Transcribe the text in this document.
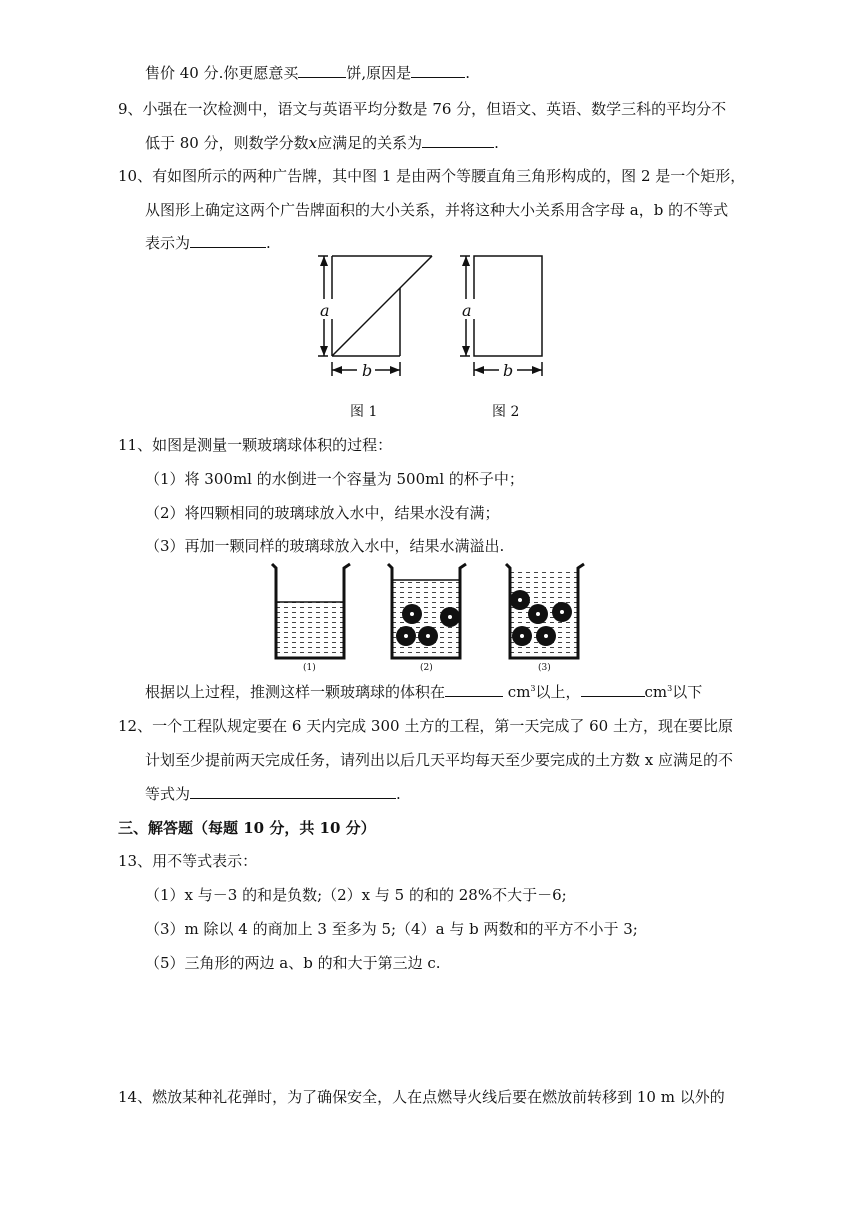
售价 40 分.你更愿意买	饼,原因是	.
9、小强在一次检测中，语文与英语平均分数是 76 分，但语文、英语、数学三科的平均分不
低于 80 分，则数学分数x应满足的关系为	.
10、有如图所示的两种广告牌，其中图 1 是由两个等腰直角三角形构成的，图 2 是一个矩形，
从图形上确定这两个广告牌面积的大小关系，并将这种大小关系用含字母 a，b 的不等式
表示为	.
a
b
a
b
图 1	图 2
11、如图是测量一颗玻璃球体积的过程：
（1）将 300ml 的水倒进一个容量为 500ml 的杯子中；
（2）将四颗相同的玻璃球放入水中，结果水没有满；
（3）再加一颗同样的玻璃球放入水中，结果水满溢出.
(1)	(2)	(3)
根据以上过程，推测这样一颗玻璃球的体积在	$cm^3$以上，	$cm^3$以下
12、一个工程队规定要在 6 天内完成 300 土方的工程，第一天完成了 60 土方，现在要比原
计划至少提前两天完成任务，请列出以后几天平均每天至少要完成的土方数 x 应满足的不
等式为	.
三、解答题（每题 10 分，共 10 分）
13、用不等式表示：
（1）x 与－3 的和是负数;（2）x 与 5 的和的 28%不大于－6;
（3）m 除以 4 的商加上 3 至多为 5;（4）a 与 b 两数和的平方不小于 3;
（5）三角形的两边 a、b 的和大于第三边 c.
14、燃放某种礼花弹时，为了确保安全，人在点燃导火线后要在燃放前转移到 10 m 以外的
